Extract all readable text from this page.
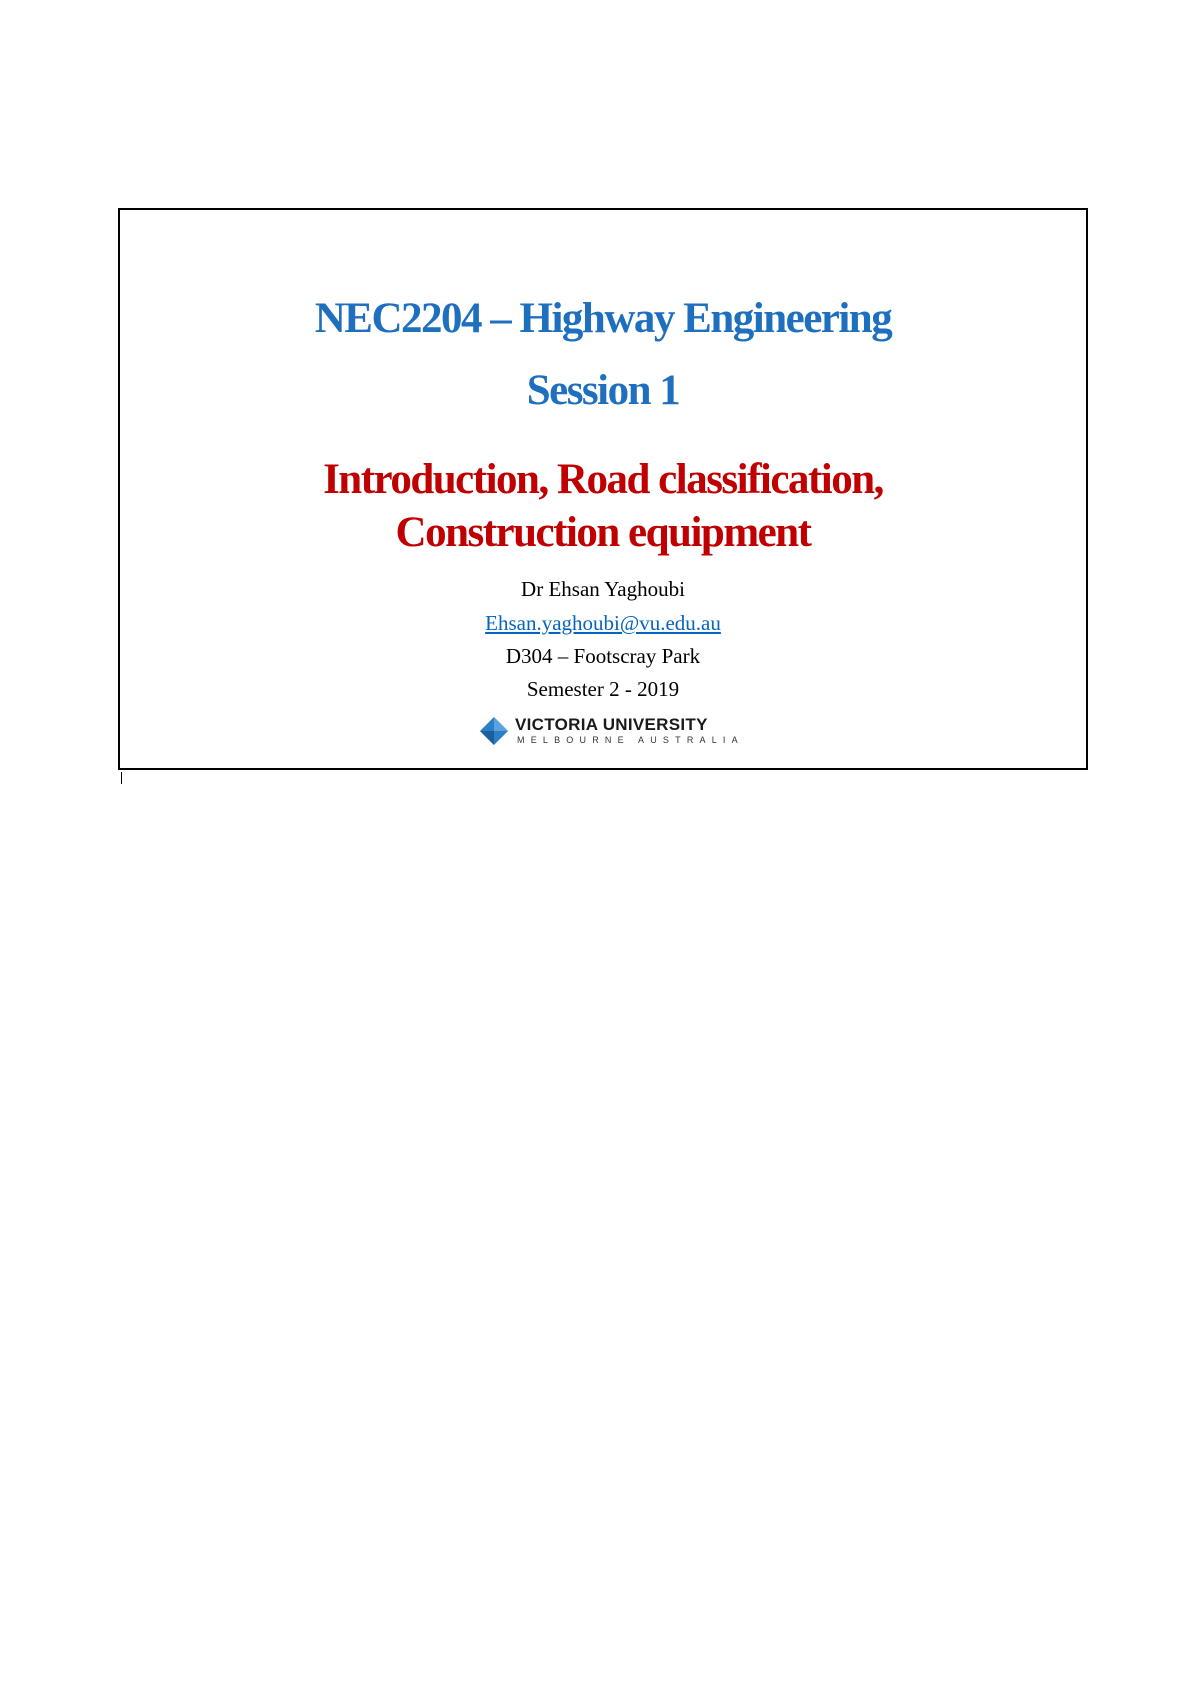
NEC2204 – Highway Engineering
Session 1
Introduction, Road classification,
Construction equipment
Dr Ehsan Yaghoubi
Ehsan.yaghoubi@vu.edu.au
D304 – Footscray Park
Semester 2 - 2019
VICTORIA UNIVERSITY
MELBOURNE AUSTRALIA
